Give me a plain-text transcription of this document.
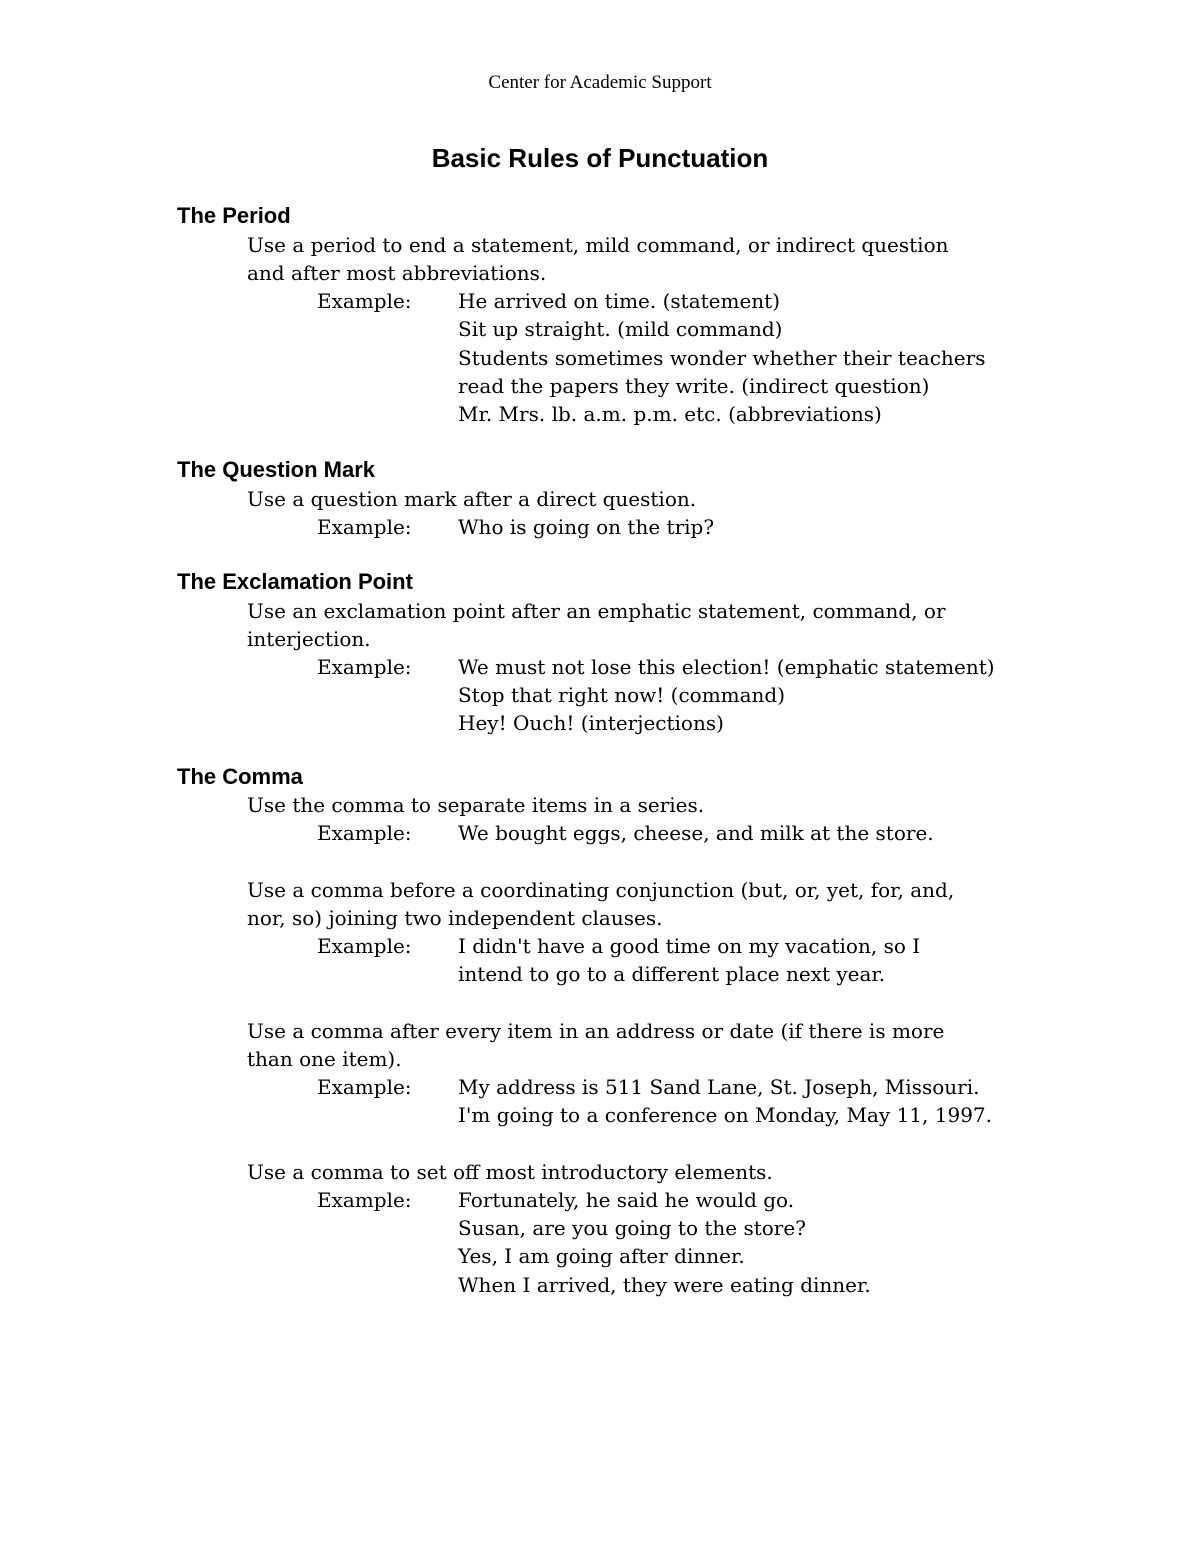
Center for Academic Support
Basic Rules of Punctuation
The Period
Use a period to end a statement, mild command, or indirect question
and after most abbreviations.
Example: He arrived on time. (statement)
Sit up straight. (mild command)
Students sometimes wonder whether their teachers
read the papers they write. (indirect question)
Mr. Mrs. lb. a.m. p.m. etc. (abbreviations)
The Question Mark
Use a question mark after a direct question.
Example: Who is going on the trip?
The Exclamation Point
Use an exclamation point after an emphatic statement, command, or
interjection.
Example: We must not lose this election! (emphatic statement)
Stop that right now! (command)
Hey! Ouch! (interjections)
The Comma
Use the comma to separate items in a series.
Example: We bought eggs, cheese, and milk at the store.
Use a comma before a coordinating conjunction (but, or, yet, for, and,
nor, so) joining two independent clauses.
Example: I didn't have a good time on my vacation, so I
intend to go to a different place next year.
Use a comma after every item in an address or date (if there is more
than one item).
Example: My address is 511 Sand Lane, St. Joseph, Missouri.
I'm going to a conference on Monday, May 11, 1997.
Use a comma to set off most introductory elements.
Example: Fortunately, he said he would go.
Susan, are you going to the store?
Yes, I am going after dinner.
When I arrived, they were eating dinner.
